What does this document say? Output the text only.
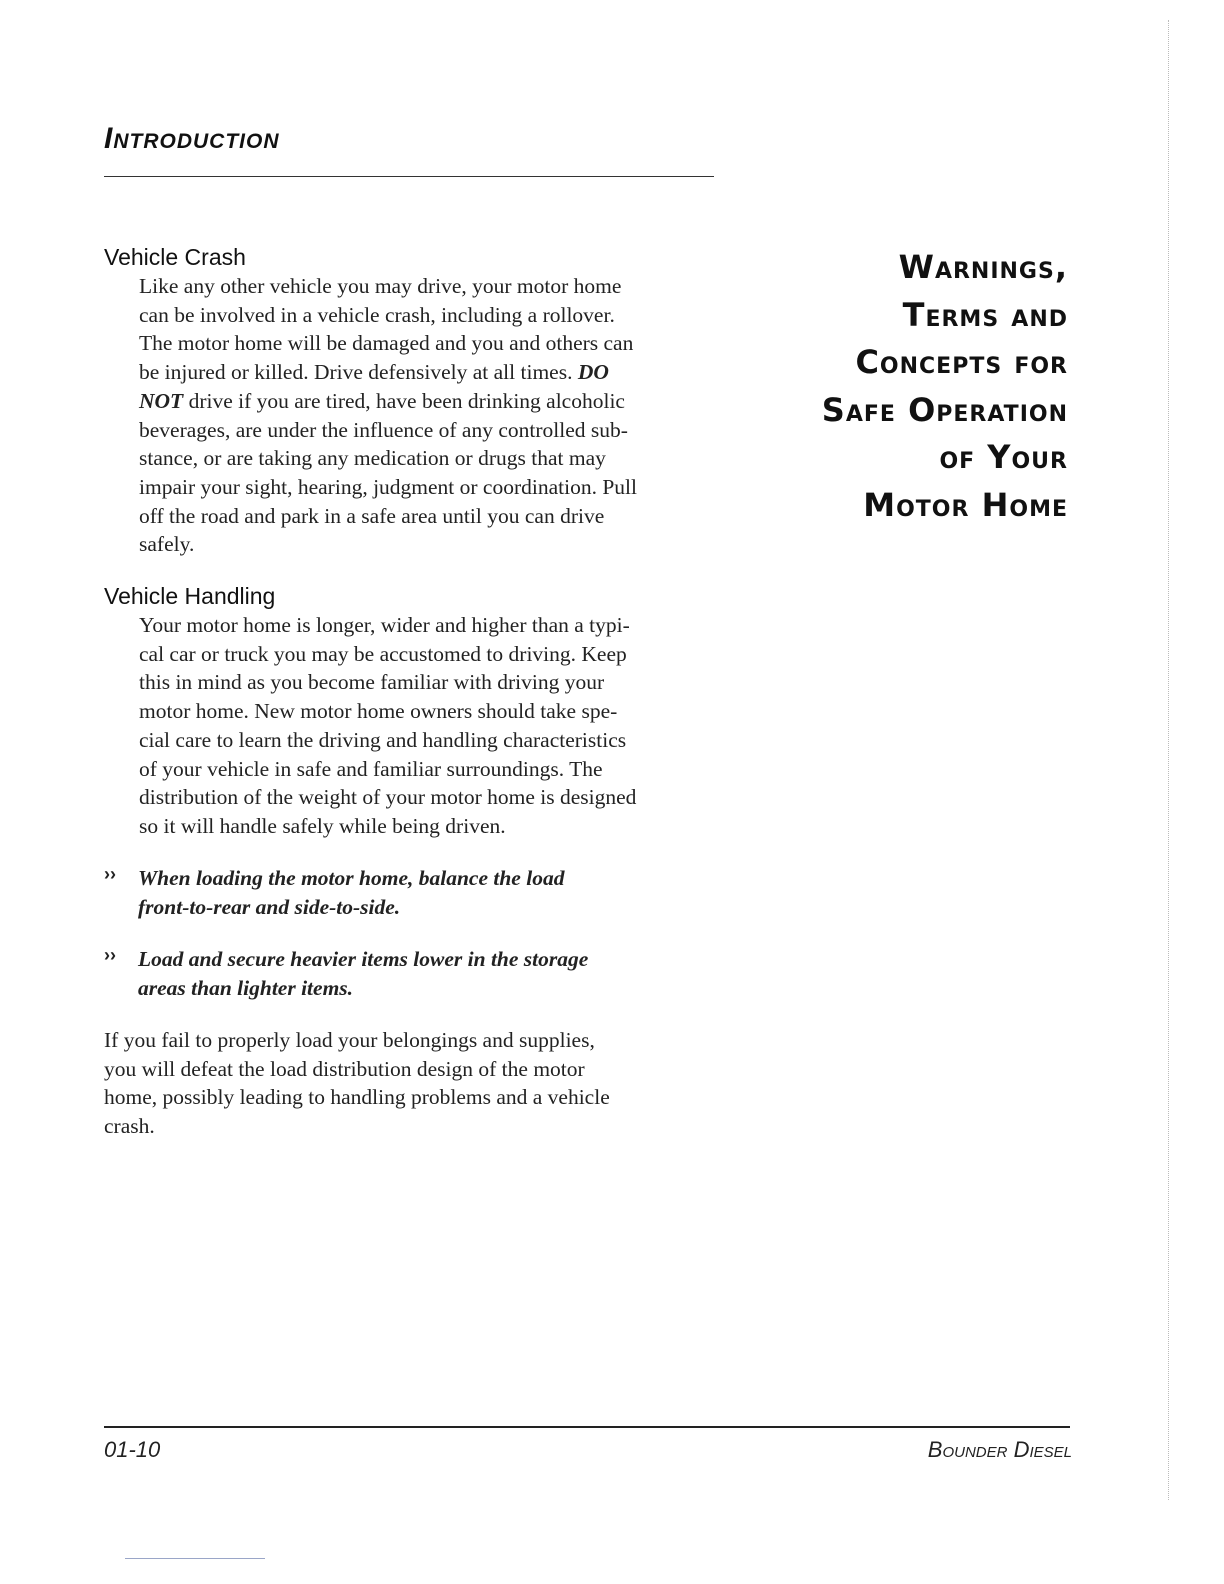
Introduction
Vehicle Crash
Like any other vehicle you may drive, your motor home
can be involved in a vehicle crash, including a rollover.
The motor home will be damaged and you and others can
be injured or killed. Drive defensively at all times. DO
NOT drive if you are tired, have been drinking alcoholic
beverages, are under the influence of any controlled sub-
stance, or are taking any medication or drugs that may
impair your sight, hearing, judgment or coordination. Pull
off the road and park in a safe area until you can drive
safely.
Vehicle Handling
Your motor home is longer, wider and higher than a typi-
cal car or truck you may be accustomed to driving. Keep
this in mind as you become familiar with driving your
motor home. New motor home owners should take spe-
cial care to learn the driving and handling characteristics
of your vehicle in safe and familiar surroundings. The
distribution of the weight of your motor home is designed
so it will handle safely while being driven.
››	When loading the motor home, balance the load
front-to-rear and side-to-side.
››	Load and secure heavier items lower in the storage
areas than lighter items.
If you fail to properly load your belongings and supplies,
you will defeat the load distribution design of the motor
home, possibly leading to handling problems and a vehicle
crash.
Warnings,
Terms and
Concepts for
Safe Operation
of Your
Motor Home
01-10	Bounder Diesel
